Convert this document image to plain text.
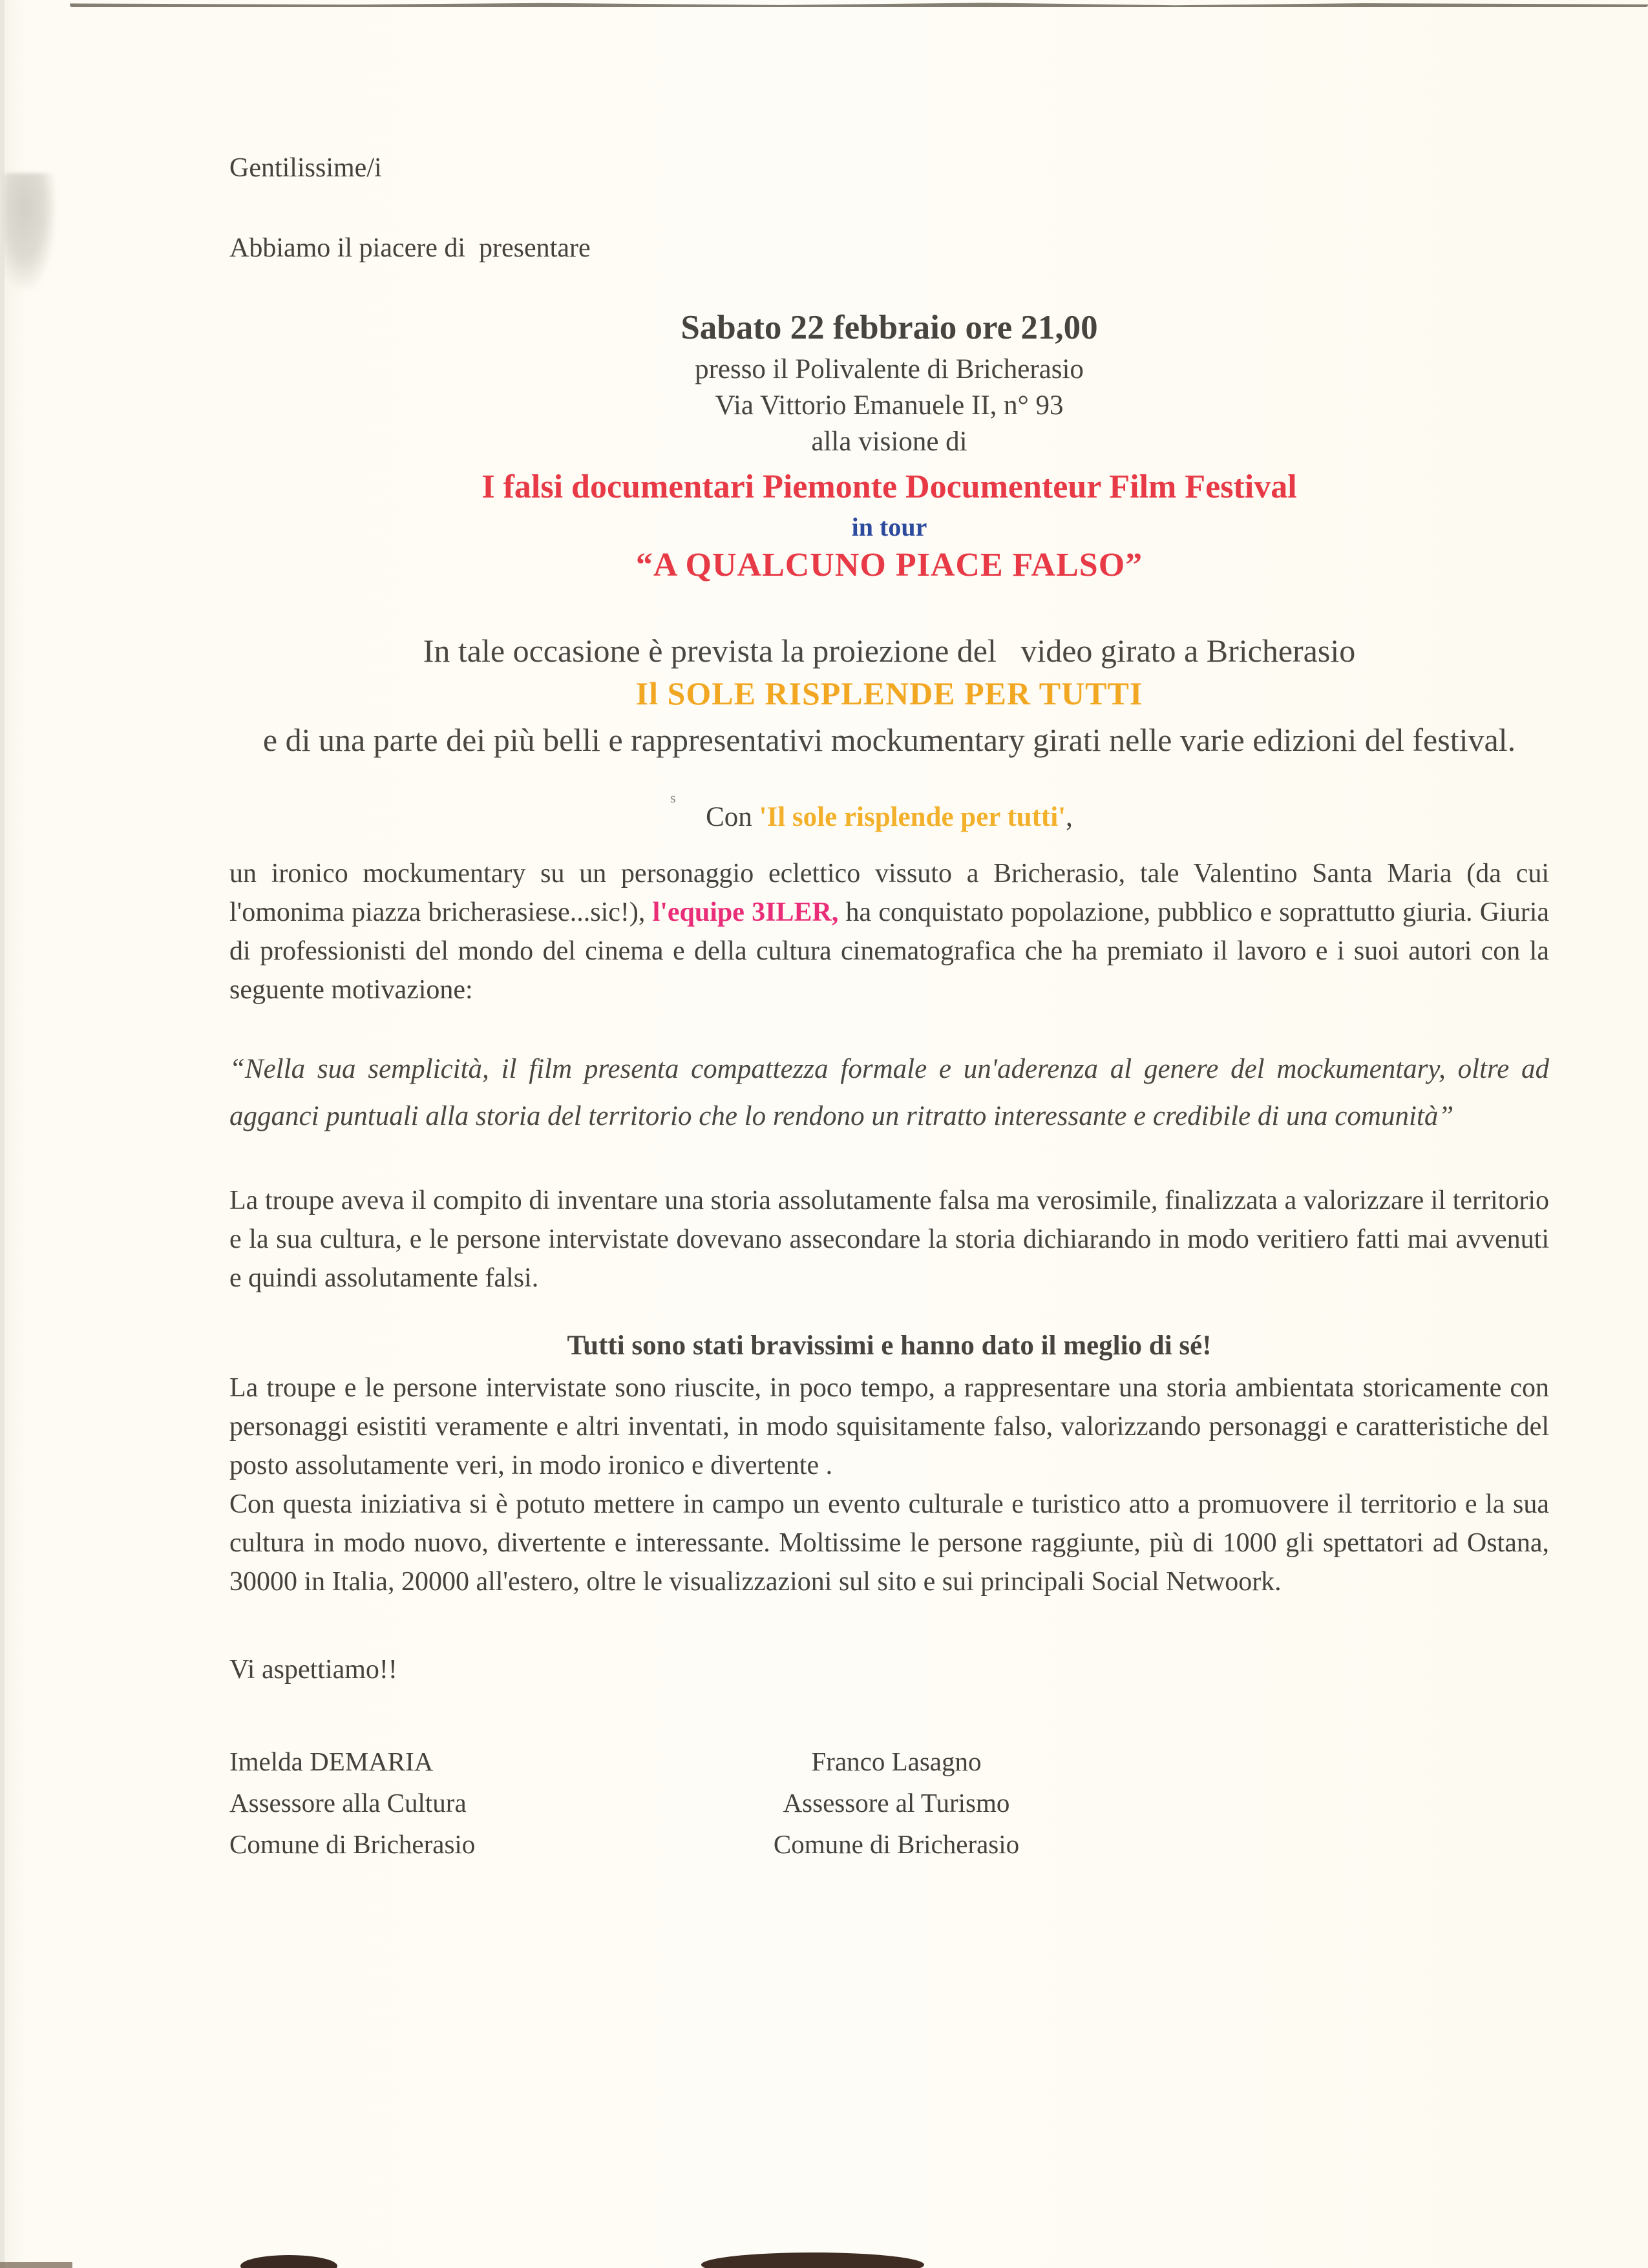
s
Gentilissime/i
Abbiamo il piacere di  presentare
Sabato 22 febbraio ore 21,00
presso il Polivalente di Bricherasio
Via Vittorio Emanuele II, n° 93
alla visione di
I falsi documentari Piemonte Documenteur Film Festival
in tour
“A QUALCUNO PIACE FALSO”
In tale occasione è prevista la proiezione del   video girato a Bricherasio
Il SOLE RISPLENDE PER TUTTI
e di una parte dei più belli e rappresentativi mockumentary girati nelle varie edizioni del festival.
Con 'Il sole risplende per tutti',

un ironico mockumentary su un personaggio eclettico vissuto a Bricherasio, tale Valentino Santa Maria (da cui l'omonima piazza bricherasiese...sic!), l'equipe 3ILER, ha conquistato popolazione, pubblico e soprattutto giuria. Giuria di professionisti del mondo del cinema e della cultura cinematografica che ha premiato il lavoro e i suoi autori con la seguente motivazione:

“Nella sua semplicità, il film presenta compattezza formale e un'aderenza al genere del mockumentary, oltre ad agganci puntuali alla storia del territorio che lo rendono un ritratto interessante e credibile di una comunità”

La troupe aveva il compito di inventare una storia assolutamente falsa ma verosimile, finalizzata a valorizzare il territorio e la sua cultura, e le persone intervistate dovevano assecondare la storia dichiarando in modo veritiero fatti mai avvenuti e quindi assolutamente falsi.

Tutti sono stati bravissimi e hanno dato il meglio di sé!

La troupe e le persone intervistate sono riuscite, in poco tempo, a rappresentare una storia ambientata storicamente con personaggi esistiti veramente e altri inventati, in modo squisitamente falso, valorizzando personaggi e caratteristiche del posto assolutamente veri, in modo ironico e divertente .

Con questa iniziativa si è potuto mettere in campo un evento culturale e turistico atto a promuovere il territorio e la sua cultura in modo nuovo, divertente e interessante. Moltissime le persone raggiunte, più di 1000 gli spettatori ad Ostana, 30000 in Italia, 20000 all'estero, oltre le visualizzazioni sul sito e sui principali Social Netwoork.

Vi aspettiamo!!
Imelda DEMARIA
Assessore alla Cultura
Comune di Bricherasio
Franco Lasagno
Assessore al Turismo
Comune di Bricherasio
